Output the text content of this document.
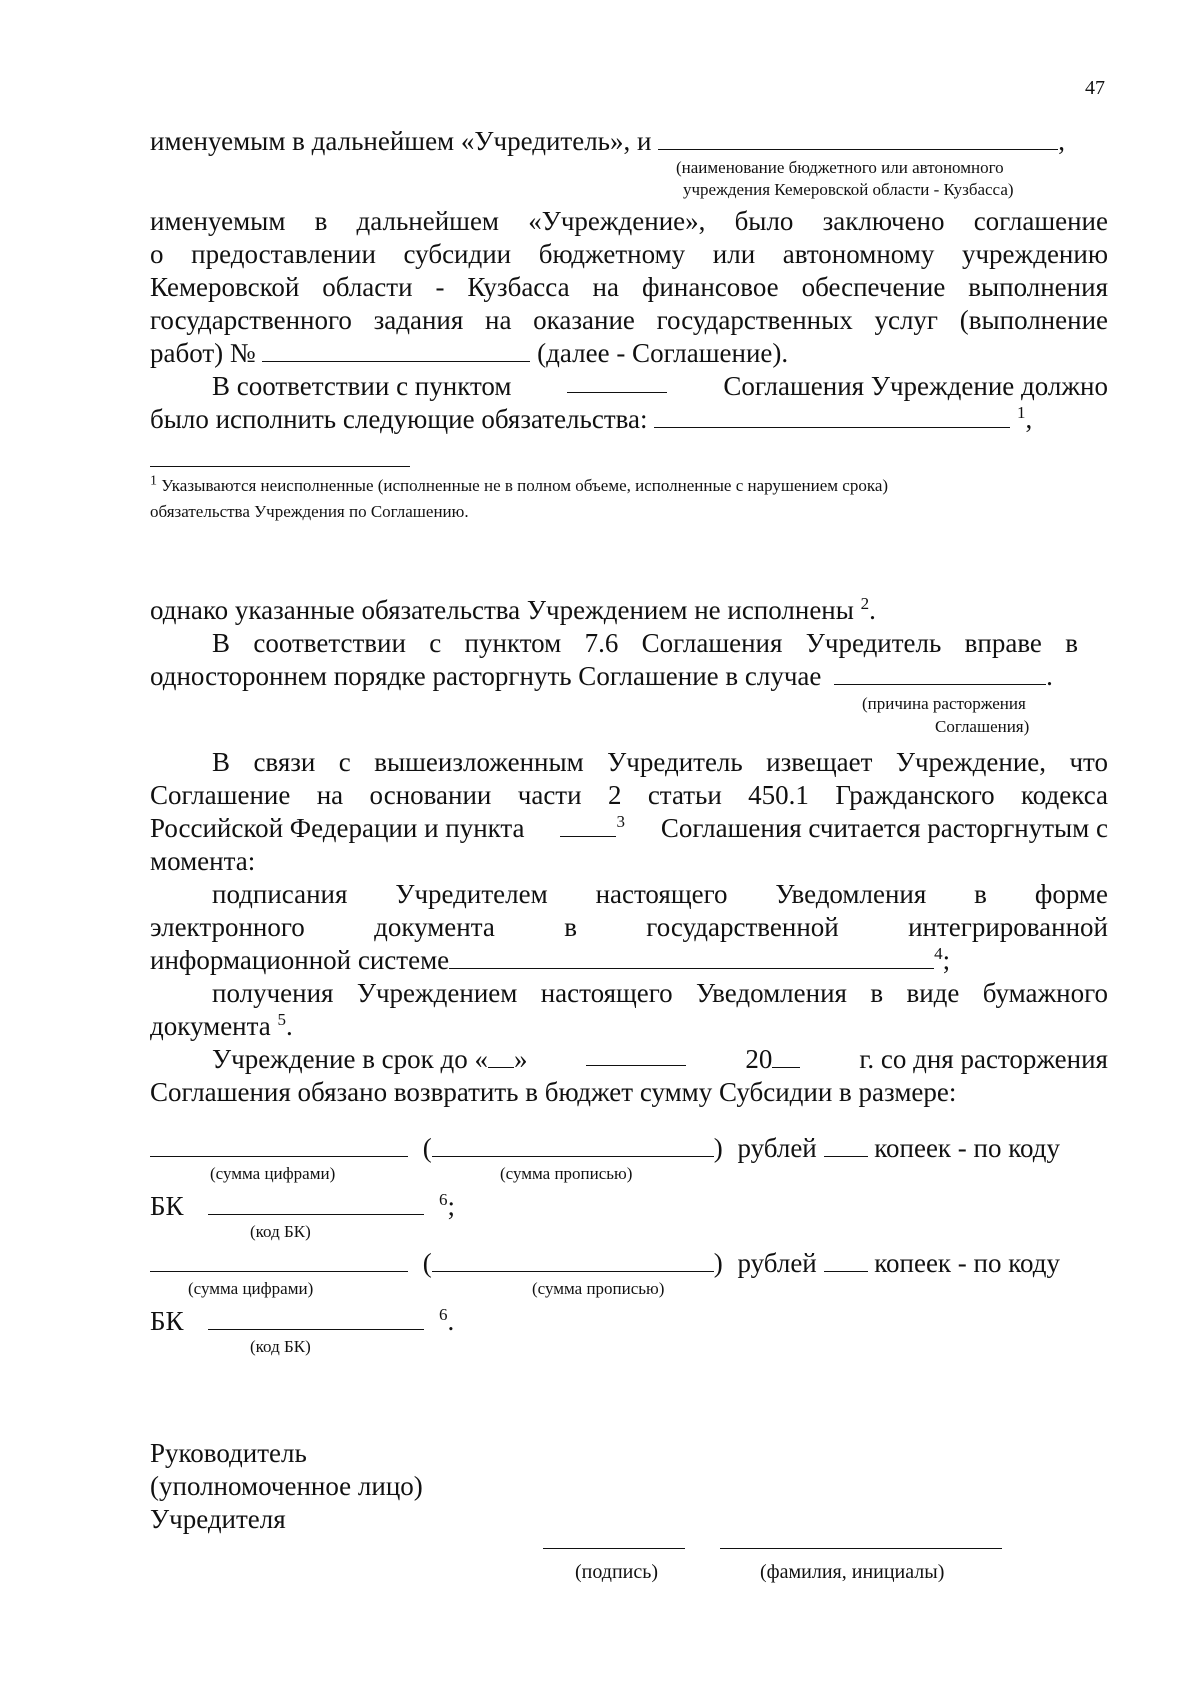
47
именуемым в дальнейшем «Учредитель», и	,
(наименование бюджетного или автономного
учреждения Кемеровской области - Кузбасса)
именуемым в дальнейшем «Учреждение», было заключено соглашение
о предоставлении субсидии бюджетному или автономному учреждению
Кемеровской области - Кузбасса на финансовое обеспечение выполнения
государственного задания на оказание государственных услуг (выполнение
работ) №	(далее - Соглашение).
В соответствии с пунктом	Соглашения Учреждение должно
было исполнить следующие обязательства:	$^1$,
$^1$ Указываются неисполненные (исполненные не в полном объеме, исполненные с нарушением срока)
обязательства Учреждения по Соглашению.
однако указанные обязательства Учреждением не исполнены $^2$.
В соответствии с пунктом 7.6 Соглашения Учредитель вправе в
одностороннем порядке расторгнуть Соглашение в случае	.
(причина расторжения
Соглашения)
В связи с вышеизложенным Учредитель извещает Учреждение, что
Соглашение на основании части 2 статьи 450.1 Гражданского кодекса
Российской Федерации и пункта	$^3$ Соглашения считается расторгнутым с
момента:
подписания Учредителем настоящего Уведомления в форме
электронного документа в государственной интегрированной
информационной системе	$^4$;
получения Учреждением настоящего Уведомления в виде бумажного
документа $^5$.
Учреждение в срок до « »	20	г. со дня расторжения
Соглашения обязано возвратить в бюджет сумму Субсидии в размере:
(	) рублей копеек - по коду
(сумма цифрами)	(сумма прописью)
БК	$^6$;
(код БК)
(	) рублей копеек - по коду
(сумма цифрами)	(сумма прописью)
БК	$^6$.
(код БК)
Руководитель
(уполномоченное лицо)
Учредителя
(подпись)	(фамилия, инициалы)
